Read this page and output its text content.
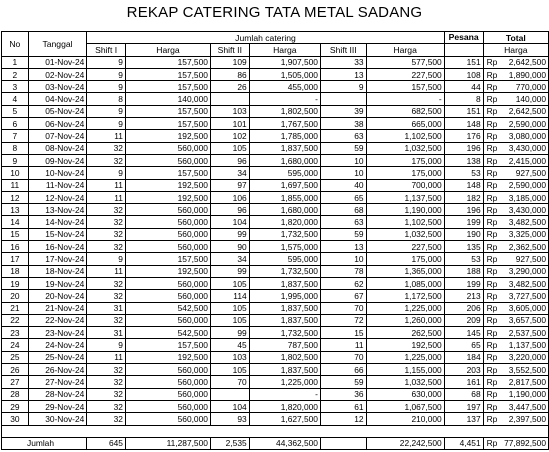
REKAP CATERING TATA METAL SADANG
No	Tanggal	Jumlah catering						Pesana	Total	
		Shift I	Harga	Shift II	Harga	Shift III	Harga		Harga	
1	01-Nov-24	9	157,500	109	1,907,500	33	577,500	151	Rp	2,642,500
2	02-Nov-24	9	157,500	86	1,505,000	13	227,500	108	Rp	1,890,000
3	03-Nov-24	9	157,500	26	455,000	9	157,500	44	Rp	770,000
4	04-Nov-24	8	140,000		-		-	8	Rp	140,000
5	05-Nov-24	9	157,500	103	1,802,500	39	682,500	151	Rp	2,642,500
6	06-Nov-24	9	157,500	101	1,767,500	38	665,000	148	Rp	2,590,000
7	07-Nov-24	11	192,500	102	1,785,000	63	1,102,500	176	Rp	3,080,000
8	08-Nov-24	32	560,000	105	1,837,500	59	1,032,500	196	Rp	3,430,000
9	09-Nov-24	32	560,000	96	1,680,000	10	175,000	138	Rp	2,415,000
10	10-Nov-24	9	157,500	34	595,000	10	175,000	53	Rp	927,500
11	11-Nov-24	11	192,500	97	1,697,500	40	700,000	148	Rp	2,590,000
12	12-Nov-24	11	192,500	106	1,855,000	65	1,137,500	182	Rp	3,185,000
13	13-Nov-24	32	560,000	96	1,680,000	68	1,190,000	196	Rp	3,430,000
14	14-Nov-24	32	560,000	104	1,820,000	63	1,102,500	199	Rp	3,482,500
15	15-Nov-24	32	560,000	99	1,732,500	59	1,032,500	190	Rp	3,325,000
16	16-Nov-24	32	560,000	90	1,575,000	13	227,500	135	Rp	2,362,500
17	17-Nov-24	9	157,500	34	595,000	10	175,000	53	Rp	927,500
18	18-Nov-24	11	192,500	99	1,732,500	78	1,365,000	188	Rp	3,290,000
19	19-Nov-24	32	560,000	105	1,837,500	62	1,085,000	199	Rp	3,482,500
20	20-Nov-24	32	560,000	114	1,995,000	67	1,172,500	213	Rp	3,727,500
21	21-Nov-24	31	542,500	105	1,837,500	70	1,225,000	206	Rp	3,605,000
22	22-Nov-24	32	560,000	105	1,837,500	72	1,260,000	209	Rp	3,657,500
23	23-Nov-24	31	542,500	99	1,732,500	15	262,500	145	Rp	2,537,500
24	24-Nov-24	9	157,500	45	787,500	11	192,500	65	Rp	1,137,500
25	25-Nov-24	11	192,500	103	1,802,500	70	1,225,000	184	Rp	3,220,000
26	26-Nov-24	32	560,000	105	1,837,500	66	1,155,000	203	Rp	3,552,500
27	27-Nov-24	32	560,000	70	1,225,000	59	1,032,500	161	Rp	2,817,500
28	28-Nov-24	32	560,000		-	36	630,000	68	Rp	1,190,000
29	29-Nov-24	32	560,000	104	1,820,000	61	1,067,500	197	Rp	3,447,500
30	30-Nov-24	32	560,000	93	1,627,500	12	210,000	137	Rp	2,397,500

Jumlah		645	11,287,500	2,535	44,362,500		22,242,500	4,451	Rp	77,892,500
